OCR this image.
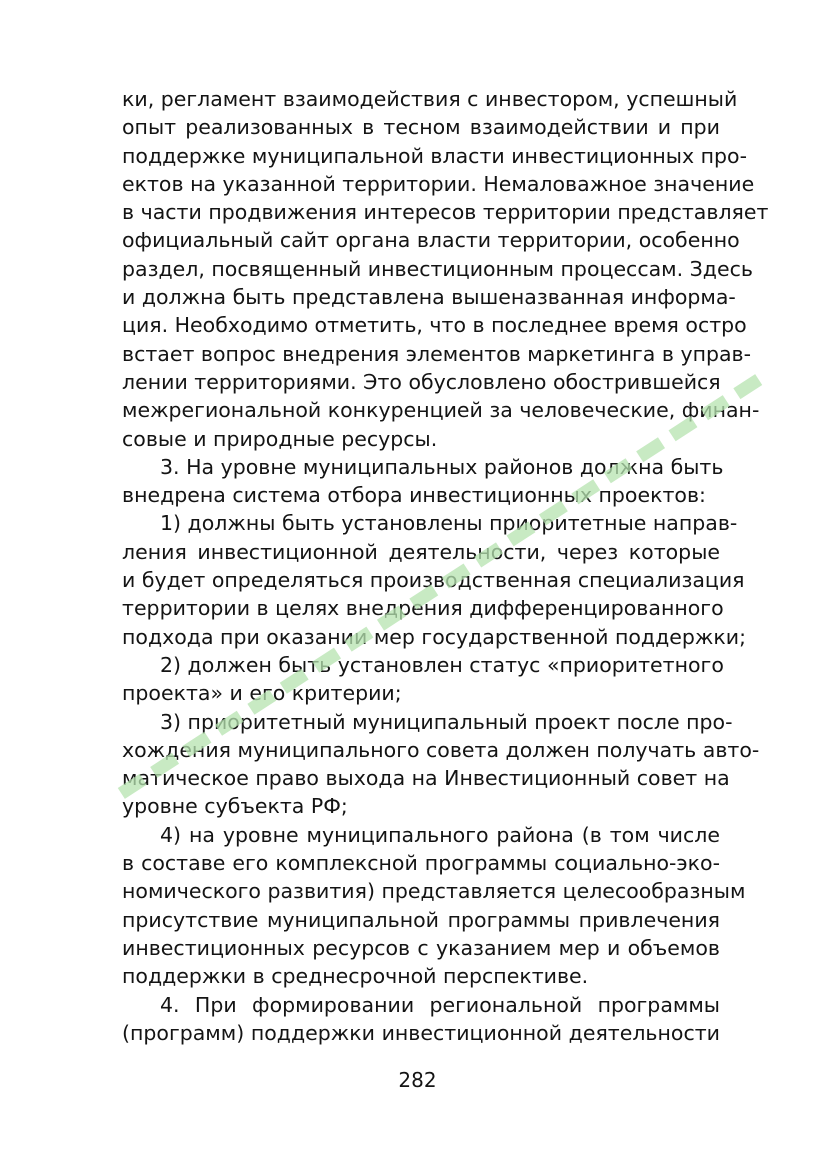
ки, регламент взаимодействия с инвестором, успешный
опыт реализованных в тесном взаимодействии и при
поддержке муниципальной власти инвестиционных про-
ектов на указанной территории. Немаловажное значение
в части продвижения интересов территории представляет
официальный сайт органа власти территории, особенно
раздел, посвященный инвестиционным процессам. Здесь
и должна быть представлена вышеназванная информа-
ция. Необходимо отметить, что в последнее время остро
встает вопрос внедрения элементов маркетинга в управ-
лении территориями. Это обусловлено обострившейся
межрегиональной конкуренцией за человеческие, финан-
совые и природные ресурсы.
3. На уровне муниципальных районов должна быть
внедрена система отбора инвестиционных проектов:
1) должны быть установлены приоритетные направ-
ления инвестиционной деятельности, через которые
и будет определяться производственная специализация
территории в целях внедрения дифференцированного
подхода при оказании мер государственной поддержки;
2) должен быть установлен статус «приоритетного
проекта» и его критерии;
3) приоритетный муниципальный проект после про-
хождения муниципального совета должен получать авто-
матическое право выхода на Инвестиционный совет на
уровне субъекта РФ;
4) на уровне муниципального района (в том числе
в составе его комплексной программы социально-эко-
номического развития) представляется целесообразным
присутствие муниципальной программы привлечения
инвестиционных ресурсов с указанием мер и объемов
поддержки в среднесрочной перспективе.
4. При формировании региональной программы
(программ) поддержки инвестиционной деятельности
282
